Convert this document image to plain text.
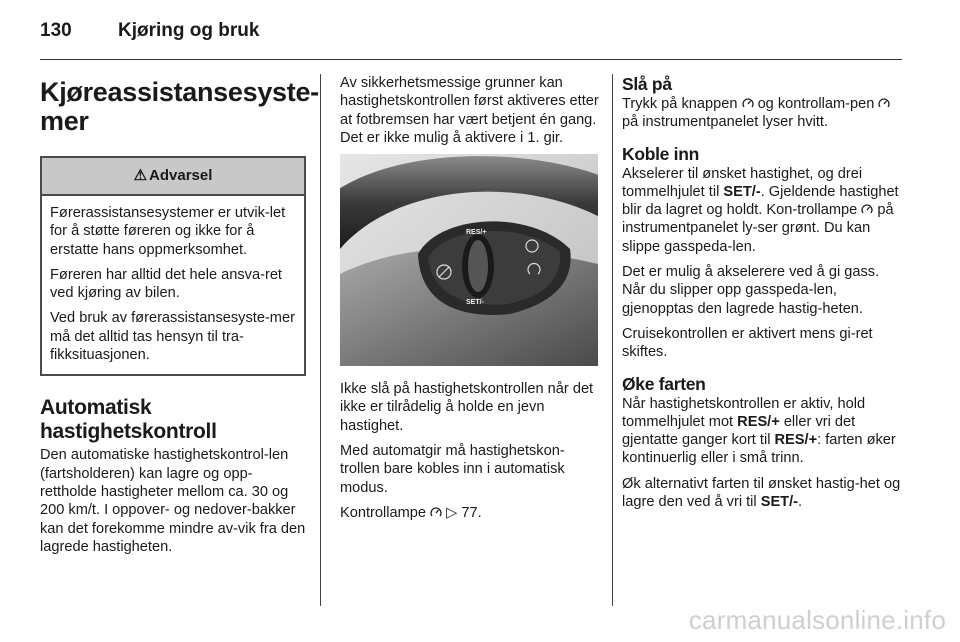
130 Kjøring og bruk
Kjøreassistansesyste-mer
⚠ Advarsel

Førerassistansesystemer er utvik-let for å støtte føreren og ikke for å erstatte hans oppmerksomhet.

Føreren har alltid det hele ansva-ret ved kjøring av bilen.

Ved bruk av førerassistansesyste-mer må det alltid tas hensyn til tra-fikksituasjonen.

Automatisk hastighetskontroll

Den automatiske hastighetskontrol-len (fartsholderen) kan lagre og opp-rettholde hastigheter mellom ca. 30 og 200 km/t. I oppover- og nedover-bakker kan det forekomme mindre av-vik fra den lagrede hastigheten.

Av sikkerhetsmessige grunner kan hastighetskontrollen først aktiveres etter at fotbremsen har vært betjent én gang. Det er ikke mulig å aktivere i 1. gir.

RES/+
SET/-

Ikke slå på hastighetskontrollen når det ikke er tilrådelig å holde en jevn hastighet.

Med automatgir må hastighetskon-trollen bare kobles inn i automatisk modus.

Kontrollampe  ▷ 77.

Slå på

Trykk på knappen  og kontrollam-pen  på instrumentpanelet lyser hvitt.

Koble inn

Akselerer til ønsket hastighet, og drei tommelhjulet til SET/-. Gjeldende hastighet blir da lagret og holdt. Kon-trollampe  på instrumentpanelet ly-ser grønt. Du kan slippe gasspeda-len.

Det er mulig å akselerere ved å gi gass. Når du slipper opp gasspeda-len, gjenopptas den lagrede hastig-heten.

Cruisekontrollen er aktivert mens gi-ret skiftes.

Øke farten

Når hastighetskontrollen er aktiv, hold tommelhjulet mot RES/+ eller vri det gjentatte ganger kort til RES/+: farten øker kontinuerlig eller i små trinn.

Øk alternativt farten til ønsket hastig-het og lagre den ved å vri til SET/-.

carmanualsonline.info
